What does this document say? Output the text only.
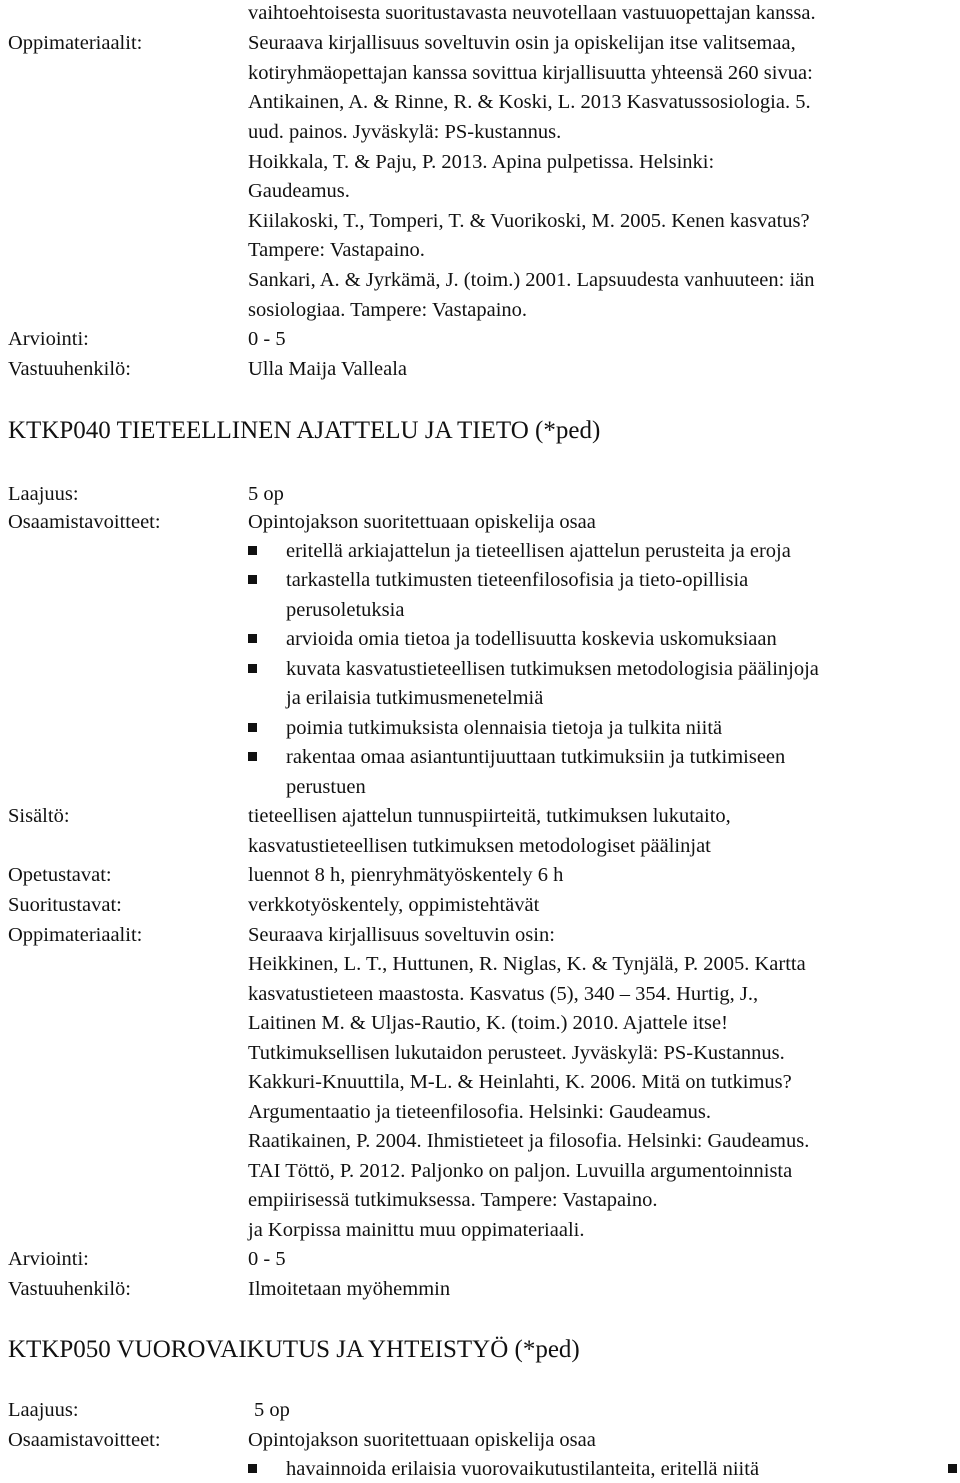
vaihtoehtoisesta suoritustavasta neuvotellaan vastuuopettajan kanssa.
Oppimateriaalit:	Seuraava kirjallisuus soveltuvin osin ja opiskelijan itse valitsemaa,
kotiryhmäopettajan kanssa sovittua kirjallisuutta yhteensä 260 sivua:
Antikainen, A. & Rinne, R. & Koski, L. 2013 Kasvatussosiologia. 5.
uud. painos. Jyväskylä: PS-kustannus.
Hoikkala, T. & Paju, P. 2013. Apina pulpetissa. Helsinki:
Gaudeamus.
Kiilakoski, T., Tomperi, T. & Vuorikoski, M. 2005. Kenen kasvatus?
Tampere: Vastapaino.
Sankari, A. & Jyrkämä, J. (toim.) 2001. Lapsuudesta vanhuuteen: iän
sosiologiaa. Tampere: Vastapaino.
Arviointi:	0 - 5
Vastuuhenkilö:	Ulla Maija Valleala
KTKP040 TIETEELLINEN AJATTELU JA TIETO (*ped)
Laajuus:	5 op
Osaamistavoitteet:	Opintojakson suoritettuaan opiskelija osaa
eritellä arkiajattelun ja tieteellisen ajattelun perusteita ja eroja
tarkastella tutkimusten tieteenfilosofisia ja tieto-opillisia
perusoletuksia
arvioida omia tietoa ja todellisuutta koskevia uskomuksiaan
kuvata kasvatustieteellisen tutkimuksen metodologisia päälinjoja
ja erilaisia tutkimusmenetelmiä
poimia tutkimuksista olennaisia tietoja ja tulkita niitä
rakentaa omaa asiantuntijuuttaan tutkimuksiin ja tutkimiseen
perustuen
Sisältö:	tieteellisen ajattelun tunnuspiirteitä, tutkimuksen lukutaito,
kasvatustieteellisen tutkimuksen metodologiset päälinjat
Opetustavat:	luennot 8 h, pienryhmätyöskentely 6 h
Suoritustavat:	verkkotyöskentely, oppimistehtävät
Oppimateriaalit:	Seuraava kirjallisuus soveltuvin osin:
Heikkinen, L. T., Huttunen, R. Niglas, K. & Tynjälä, P. 2005. Kartta
kasvatustieteen maastosta. Kasvatus (5), 340 – 354. Hurtig, J.,
Laitinen M. & Uljas-Rautio, K. (toim.) 2010. Ajattele itse!
Tutkimuksellisen lukutaidon perusteet. Jyväskylä: PS-Kustannus.
Kakkuri-Knuuttila, M-L. & Heinlahti, K. 2006. Mitä on tutkimus?
Argumentaatio ja tieteenfilosofia. Helsinki: Gaudeamus.
Raatikainen, P. 2004. Ihmistieteet ja filosofia. Helsinki: Gaudeamus.
TAI Töttö, P. 2012. Paljonko on paljon. Luvuilla argumentoinnista
empiirisessä tutkimuksessa. Tampere: Vastapaino.
ja Korpissa mainittu muu oppimateriaali.
Arviointi:	0 - 5
Vastuuhenkilö:	Ilmoitetaan myöhemmin
KTKP050 VUOROVAIKUTUS JA YHTEISTYÖ (*ped)
Laajuus:	5 op
Osaamistavoitteet:	Opintojakson suoritettuaan opiskelija osaa
havainnoida erilaisia vuorovaikutustilanteita, eritellä niitä
